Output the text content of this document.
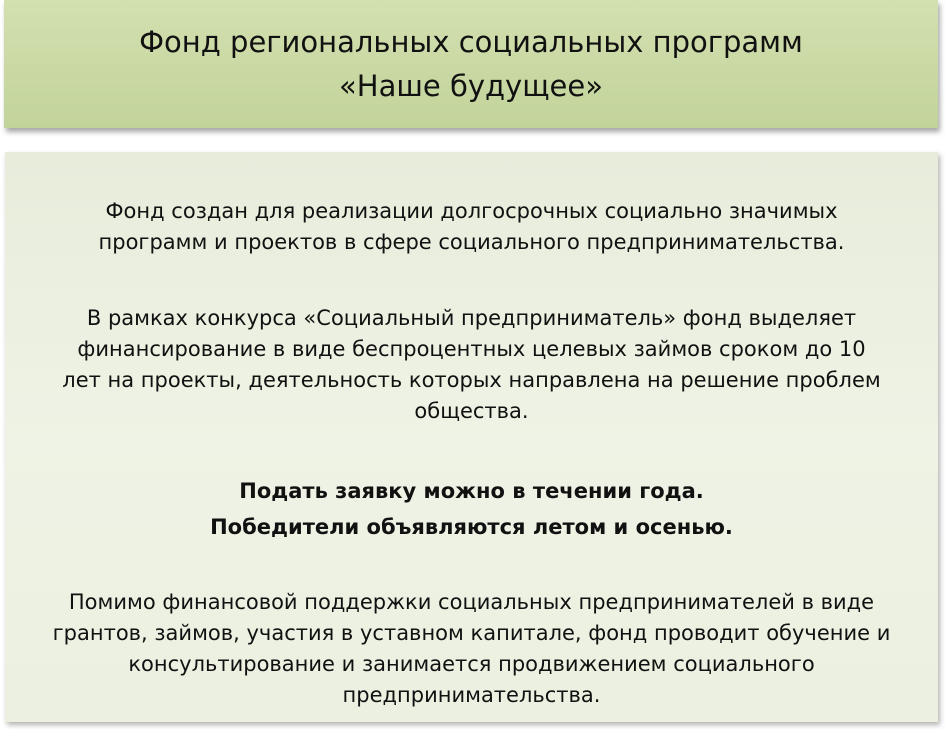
Фонд региональных социальных программ
«Наше будущее»
Фонд создан для реализации долгосрочных социально значимых
программ и проектов в сфере социального предпринимательства.
В рамках конкурса «Социальный предприниматель» фонд выделяет
финансирование в виде беспроцентных целевых займов сроком до 10
лет на проекты, деятельность которых направлена на решение проблем
общества.
Подать заявку можно в течении года.
Победители объявляются летом и осенью.
Помимо финансовой поддержки социальных предпринимателей в виде
грантов, займов, участия в уставном капитале, фонд проводит обучение и
консультирование и занимается продвижением социального
предпринимательства.
